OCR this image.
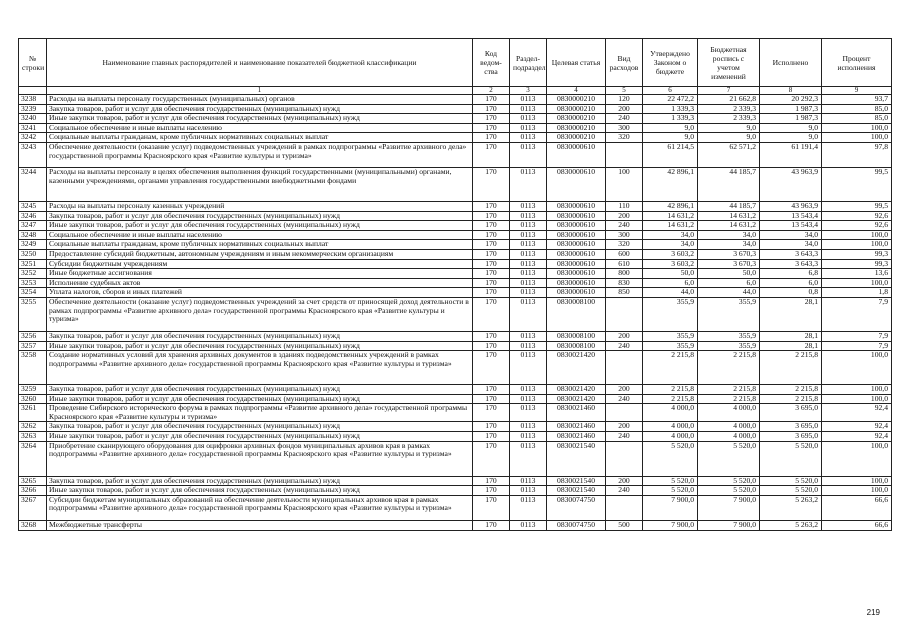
№ строки	Наименование главных распорядителей и наименование показателей бюджетной классификации	Код ведом-ства	Раздел-подраздел	Целевая статья	Вид расходов	Утверждено Законом о бюджете	Бюджетная роспись с учетом изменений	Исполнено	Процент исполнения
	1	2	3	4	5	6	7	8	9
3238	Расходы на выплаты персоналу государственных (муниципальных) органов	170	0113	0830000210	120	22 472,2	21 662,8	20 292,3	93,7
3239	Закупка товаров, работ и услуг для обеспечения государственных (муниципальных) нужд	170	0113	0830000210	200	1 339,3	2 339,3	1 987,3	85,0
3240	Иные закупки товаров, работ и услуг для обеспечения государственных (муниципальных) нужд	170	0113	0830000210	240	1 339,3	2 339,3	1 987,3	85,0
3241	Социальное обеспечение и иные выплаты населению	170	0113	0830000210	300	9,0	9,0	9,0	100,0
3242	Социальные выплаты гражданам, кроме публичных нормативных социальных выплат	170	0113	0830000210	320	9,0	9,0	9,0	100,0
3243	Обеспечение деятельности (оказание услуг) подведомственных учреждений в рамках подпрограммы «Развитие архивного дела» государственной программы Красноярского края «Развитие культуры и туризма»	170	0113	0830000610		61 214,5	62 571,2	61 191,4	97,8
3244	Расходы на выплаты персоналу в целях обеспечения выполнения функций государственными (муниципальными) органами, казенными учреждениями, органами управления государственными внебюджетными фондами	170	0113	0830000610	100	42 896,1	44 185,7	43 963,9	99,5
3245	Расходы на выплаты персоналу казенных учреждений	170	0113	0830000610	110	42 896,1	44 185,7	43 963,9	99,5
3246	Закупка товаров, работ и услуг для обеспечения государственных (муниципальных) нужд	170	0113	0830000610	200	14 631,2	14 631,2	13 543,4	92,6
3247	Иные закупки товаров, работ и услуг для обеспечения государственных (муниципальных) нужд	170	0113	0830000610	240	14 631,2	14 631,2	13 543,4	92,6
3248	Социальное обеспечение и иные выплаты населению	170	0113	0830000610	300	34,0	34,0	34,0	100,0
3249	Социальные выплаты гражданам, кроме публичных нормативных социальных выплат	170	0113	0830000610	320	34,0	34,0	34,0	100,0
3250	Предоставление субсидий бюджетным, автономным учреждениям и иным некоммерческим организациям	170	0113	0830000610	600	3 603,2	3 670,3	3 643,3	99,3
3251	Субсидии бюджетным учреждениям	170	0113	0830000610	610	3 603,2	3 670,3	3 643,3	99,3
3252	Иные бюджетные ассигнования	170	0113	0830000610	800	50,0	50,0	6,8	13,6
3253	Исполнение судебных актов	170	0113	0830000610	830	6,0	6,0	6,0	100,0
3254	Уплата налогов, сборов и иных платежей	170	0113	0830000610	850	44,0	44,0	0,8	1,8
3255	Обеспечение деятельности (оказание услуг) подведомственных учреждений за счет средств от приносящей доход деятельности в рамках подпрограммы «Развитие архивного дела» государственной программы Красноярского края «Развитие культуры и туризма»	170	0113	0830008100		355,9	355,9	28,1	7,9
3256	Закупка товаров, работ и услуг для обеспечения государственных (муниципальных) нужд	170	0113	0830008100	200	355,9	355,9	28,1	7,9
3257	Иные закупки товаров, работ и услуг для обеспечения государственных (муниципальных) нужд	170	0113	0830008100	240	355,9	355,9	28,1	7,9
3258	Создание нормативных условий для хранения архивных документов в зданиях подведомственных учреждений в рамках подпрограммы «Развитие архивного дела» государственной программы Красноярского края «Развитие культуры и туризма»	170	0113	0830021420		2 215,8	2 215,8	2 215,8	100,0
3259	Закупка товаров, работ и услуг для обеспечения государственных (муниципальных) нужд	170	0113	0830021420	200	2 215,8	2 215,8	2 215,8	100,0
3260	Иные закупки товаров, работ и услуг для обеспечения государственных (муниципальных) нужд	170	0113	0830021420	240	2 215,8	2 215,8	2 215,8	100,0
3261	Проведение Сибирского исторического форума в рамках подпрограммы «Развитие архивного дела» государственной программы Красноярского края «Развитие культуры и туризма»	170	0113	0830021460		4 000,0	4 000,0	3 695,0	92,4
3262	Закупка товаров, работ и услуг для обеспечения государственных (муниципальных) нужд	170	0113	0830021460	200	4 000,0	4 000,0	3 695,0	92,4
3263	Иные закупки товаров, работ и услуг для обеспечения государственных (муниципальных) нужд	170	0113	0830021460	240	4 000,0	4 000,0	3 695,0	92,4
3264	Приобретение сканирующего оборудования для оцифровки архивных фондов муниципальных архивов края в рамках подпрограммы «Развитие архивного дела» государственной программы Красноярского края «Развитие культуры и туризма»	170	0113	0830021540		5 520,0	5 520,0	5 520,0	100,0
3265	Закупка товаров, работ и услуг для обеспечения государственных (муниципальных) нужд	170	0113	0830021540	200	5 520,0	5 520,0	5 520,0	100,0
3266	Иные закупки товаров, работ и услуг для обеспечения государственных (муниципальных) нужд	170	0113	0830021540	240	5 520,0	5 520,0	5 520,0	100,0
3267	Субсидии бюджетам муниципальных образований на обеспечение деятельности муниципальных архивов края в рамках подпрограммы «Развитие архивного дела» государственной программы Красноярского края «Развитие культуры и туризма»	170	0113	0830074750		7 900,0	7 900,0	5 263,2	66,6
3268	Межбюджетные трансферты	170	0113	0830074750	500	7 900,0	7 900,0	5 263,2	66,6
219
